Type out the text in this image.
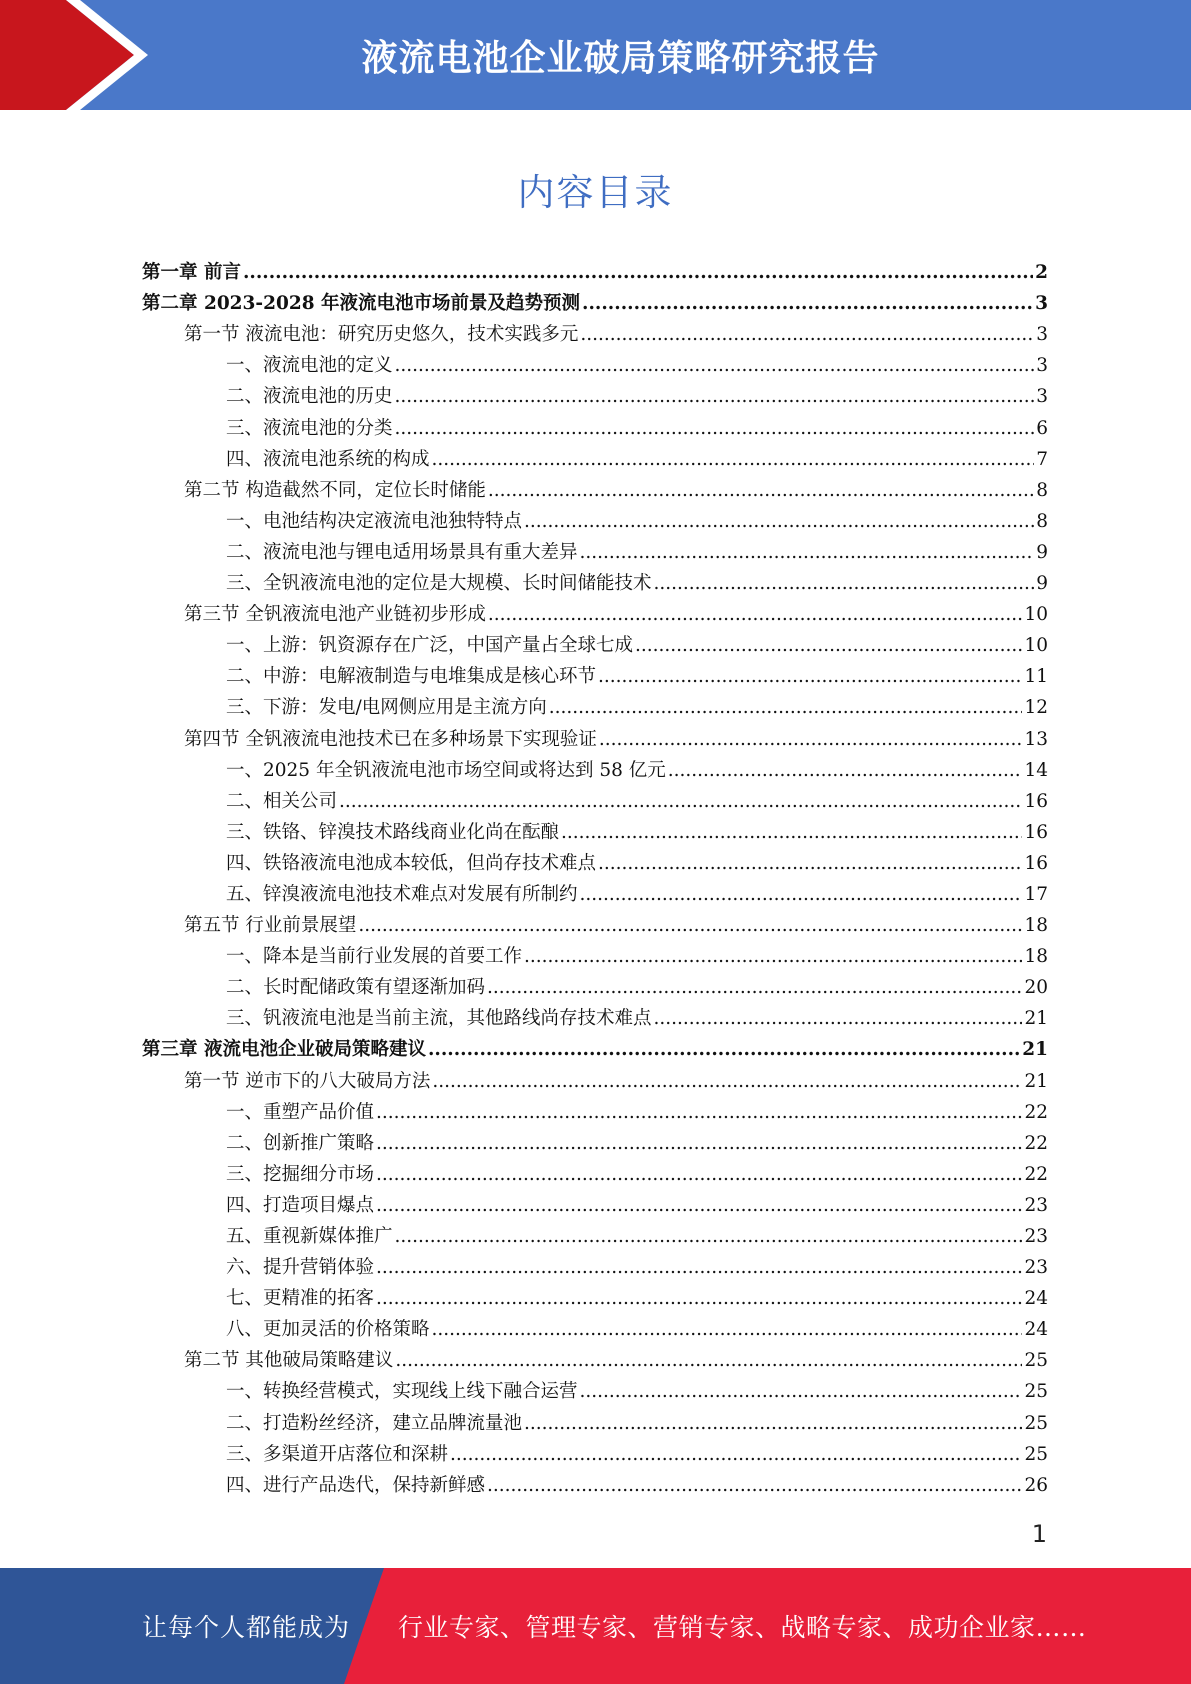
液流电池企业破局策略研究报告
内容目录
第一章 前言 .....	2
第二章 2023-2028 年液流电池市场前景及趋势预测 .....	3
第一节 液流电池：研究历史悠久，技术实践多元 .....	3
一、液流电池的定义 .....	3
二、液流电池的历史 .....	3
三、液流电池的分类 .....	6
四、液流电池系统的构成 .....	7
第二节 构造截然不同，定位长时储能 .....	8
一、电池结构决定液流电池独特特点 .....	8
二、液流电池与锂电适用场景具有重大差异 .....	9
三、全钒液流电池的定位是大规模、长时间储能技术 .....	9
第三节 全钒液流电池产业链初步形成 .....	10
一、上游：钒资源存在广泛，中国产量占全球七成 .....	10
二、中游：电解液制造与电堆集成是核心环节 .....	11
三、下游：发电/电网侧应用是主流方向 .....	12
第四节 全钒液流电池技术已在多种场景下实现验证 .....	13
一、2025 年全钒液流电池市场空间或将达到 58 亿元 .....	14
二、相关公司 .....	16
三、铁铬、锌溴技术路线商业化尚在酝酿 .....	16
四、铁铬液流电池成本较低，但尚存技术难点 .....	16
五、锌溴液流电池技术难点对发展有所制约 .....	17
第五节 行业前景展望 .....	18
一、降本是当前行业发展的首要工作 .....	18
二、长时配储政策有望逐渐加码 .....	20
三、钒液流电池是当前主流，其他路线尚存技术难点 .....	21
第三章 液流电池企业破局策略建议 .....	21
第一节 逆市下的八大破局方法 .....	21
一、重塑产品价值 .....	22
二、创新推广策略 .....	22
三、挖掘细分市场 .....	22
四、打造项目爆点 .....	23
五、重视新媒体推广 .....	23
六、提升营销体验 .....	23
七、更精准的拓客 .....	24
八、更加灵活的价格策略 .....	24
第二节 其他破局策略建议 .....	25
一、转换经营模式，实现线上线下融合运营 .....	25
二、打造粉丝经济，建立品牌流量池 .....	25
三、多渠道开店落位和深耕 .....	25
四、进行产品迭代，保持新鲜感 .....	26
1
让每个人都能成为 行业专家、管理专家、营销专家、战略专家、成功企业家……
